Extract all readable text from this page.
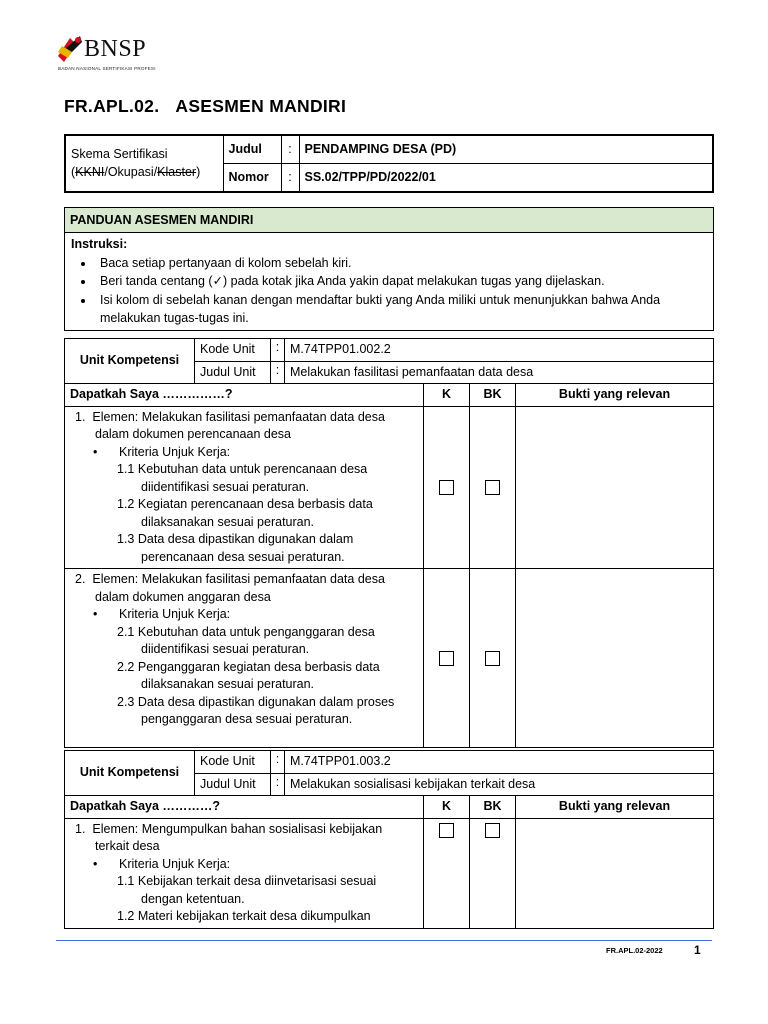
BNSP
BADAN NASIONAL SERTIFIKASI PROFESI
FR.APL.02. ASESMEN MANDIRI
Skema Sertifikasi
(KKNI/Okupasi/Klaster)	Judul	:	PENDAMPING DESA (PD)
	Nomor	:	SS.02/TPP/PD/2022/01
PANDUAN ASESMEN MANDIRI
Instruksi:
• Baca setiap pertanyaan di kolom sebelah kiri.
• Beri tanda centang (✓) pada kotak jika Anda yakin dapat melakukan tugas yang dijelaskan.
• Isi kolom di sebelah kanan dengan mendaftar bukti yang Anda miliki untuk menunjukkan bahwa Anda melakukan tugas-tugas ini.
Unit Kompetensi	Kode Unit	:	M.74TPP01.002.2			
	Judul Unit	:	Melakukan fasilitasi pemanfaatan data desa			
Dapatkah Saya ……………?				K	BK	Bukti yang relevan

1. Elemen: Melakukan fasilitasi pemanfaatan data desa dalam dokumen perencanaan desa
• Kriteria Unjuk Kerja:
1.1 Kebutuhan data untuk perencanaan desa diidentifikasi sesuai peraturan.
1.2 Kegiatan perencanaan desa berbasis data dilaksanakan sesuai peraturan.
1.3 Data desa dipastikan digunakan dalam perencanaan desa sesuai peraturan.

2. Elemen: Melakukan fasilitasi pemanfaatan data desa dalam dokumen anggaran desa
• Kriteria Unjuk Kerja:
2.1 Kebutuhan data untuk penganggaran desa diidentifikasi sesuai peraturan.
2.2 Penganggaran kegiatan desa berbasis data dilaksanakan sesuai peraturan.
2.3 Data desa dipastikan digunakan dalam proses penganggaran desa sesuai peraturan.

Unit Kompetensi	Kode Unit	:	M.74TPP01.003.2			
	Judul Unit	:	Melakukan sosialisasi kebijakan terkait desa			
Dapatkah Saya …………?				K	BK	Bukti yang relevan

1. Elemen: Mengumpulkan bahan sosialisasi kebijakan terkait desa
• Kriteria Unjuk Kerja:
1.1 Kebijakan terkait desa diinvetarisasi sesuai dengan ketentuan.
1.2 Materi kebijakan terkait desa dikumpulkan

FR.APL.02-2022	1
